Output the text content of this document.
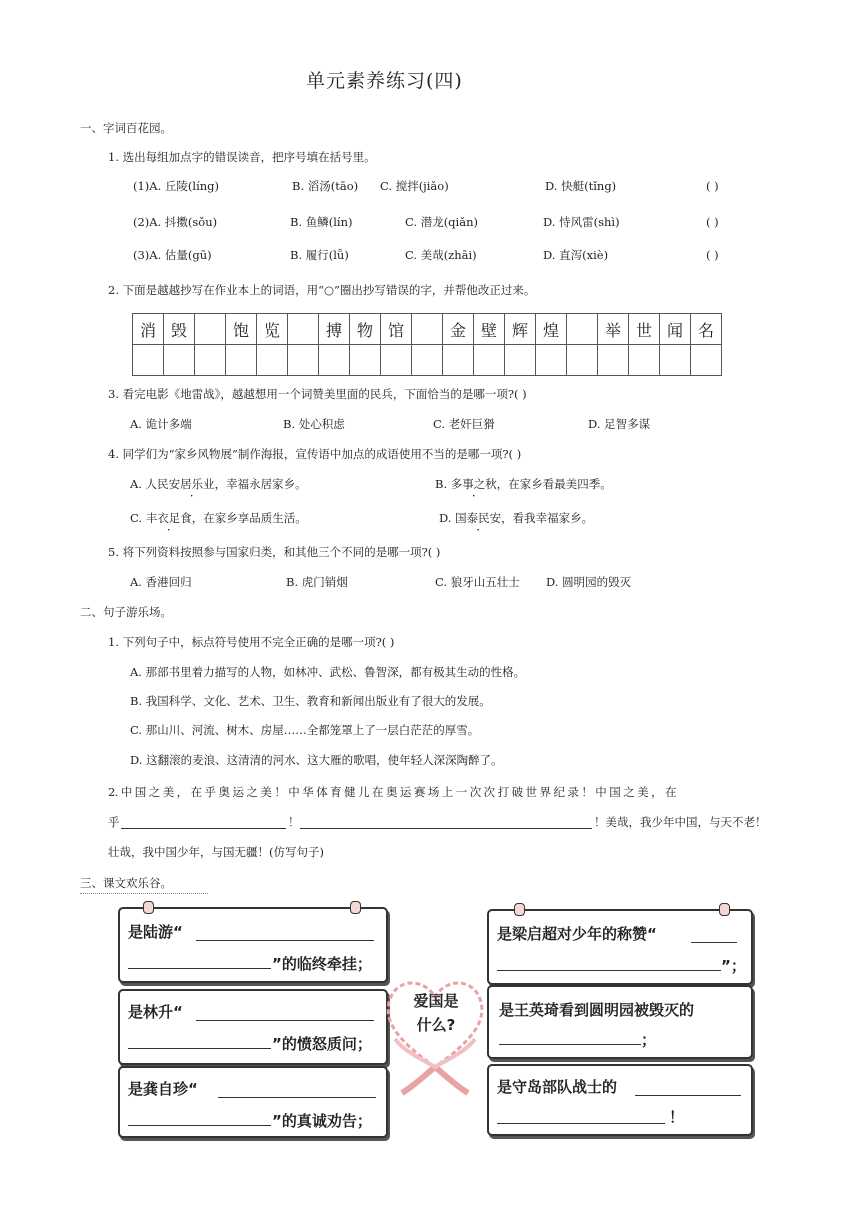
单元素养练习(四)
一、字词百花园。
1. 选出每组加点字的错误读音，把序号填在括号里。
(1)A. 丘陵(líng)	B. 滔汤(tāo) C. 搅拌(jiǎo)	D. 快艇(tǐng)	( )
(2)A. 抖擞(sǒu)	B. 鱼鳞(lín)	C. 潜龙(qiǎn)	D. 恃风雷(shì)	( )
(3)A. 估量(gū)	B. 履行(lǚ)	C. 美哉(zhāi)	D. 直泻(xiè)	( )
2. 下面是越越抄写在作业本上的词语，用“○”圈出抄写错误的字，并帮他改正过来。
消	毁		饱	览		搏	物	馆		金	壁	辉	煌		举	世	闻	名

3. 看完电影《地雷战》，越越想用一个词赞美里面的民兵，下面恰当的是哪一项?( )
A. 诡计多端	B. 处心积虑	C. 老奸巨猾	D. 足智多谋
4. 同学们为“家乡风物展”制作海报，宣传语中加点的成语使用不当的是哪一项?( )
A. 人民安居乐业，幸福永居家乡。	B. 多事之秋，在家乡看最美四季。
C. 丰衣足食，在家乡享品质生活。	D. 国泰民安，看我幸福家乡。
5. 将下列资料按照参与国家归类，和其他三个不同的是哪一项?( )
A. 香港回归	B. 虎门销烟	C. 狼牙山五壮士 D. 圆明园的毁灭
二、句子游乐场。
1. 下列句子中，标点符号使用不完全正确的是哪一项?( )
A. 那部书里着力描写的人物，如林冲、武松、鲁智深，都有极其生动的性格。
B. 我国科学、文化、艺术、卫生、教育和新闻出版业有了很大的发展。
C. 那山川、河流、树木、房屋……全都笼罩上了一层白茫茫的厚雪。
D. 这翻滚的麦浪、这清清的河水、这大雁的歌唱，使年轻人深深陶醉了。
2. 中 国 之 美 ， 在 乎 奥 运 之 美 ！ 中 华 体 育 健 儿 在 奥 运 赛 场 上 一 次 次 打 破 世 界 纪 录 ！ 中 国 之 美 ， 在
乎	！	！美哉，我少年中国，与天不老！
壮哉，我中国少年，与国无疆！(仿写句子)
三、课文欢乐谷。
是陆游“
”的临终牵挂；
是林升“
”的愤怒质问；
是龚自珍“
”的真诚劝告；
爱国是
什么?
是梁启超对少年的称赞“
”；
是王英琦看到圆明园被毁灭的
；
是守岛部队战士的
！
